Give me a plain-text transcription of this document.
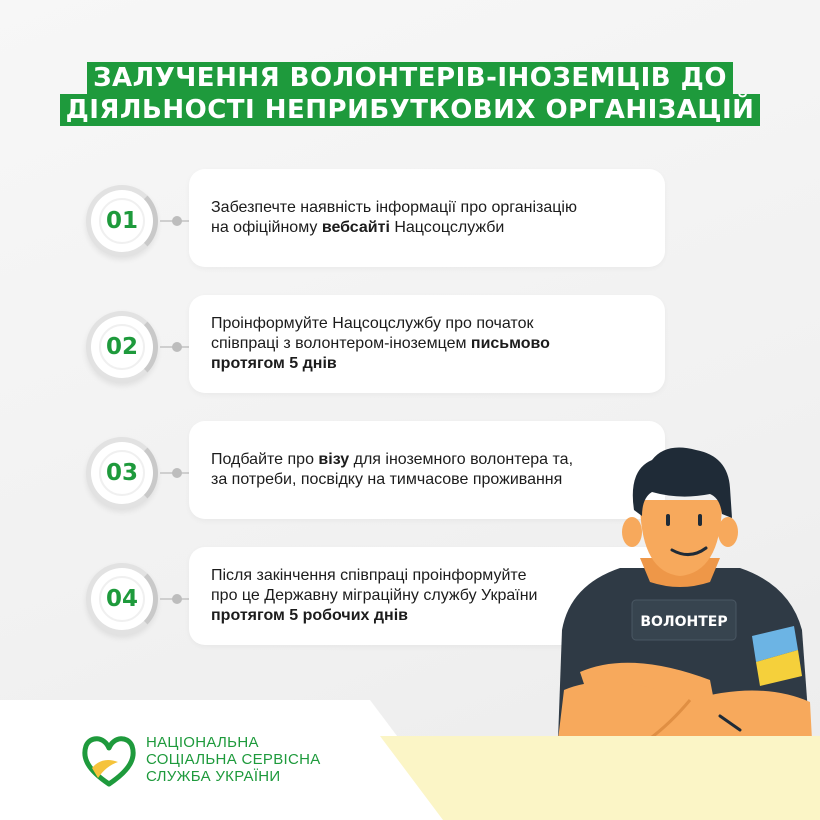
ЗАЛУЧЕННЯ ВОЛОНТЕРІВ-ІНОЗЕМЦІВ ДО
ДІЯЛЬНОСТІ НЕПРИБУТКОВИХ ОРГАНІЗАЦІЙ
01
Забезпечте наявність інформації про організацію
на офіційному вебсайті Нацсоцслужби
02
Проінформуйте Нацсоцслужбу про початок
співпраці з волонтером-іноземцем письмово
протягом 5 днів
03
Подбайте про візу для іноземного волонтера та,
за потреби, посвідку на тимчасове проживання
04
Після закінчення співпраці проінформуйте
про це Державну міграційну службу України
протягом 5 робочих днів	ВОЛОНТЕР
НАЦІОНАЛЬНА
СОЦІАЛЬНА СЕРВІСНА
СЛУЖБА УКРАЇНИ
